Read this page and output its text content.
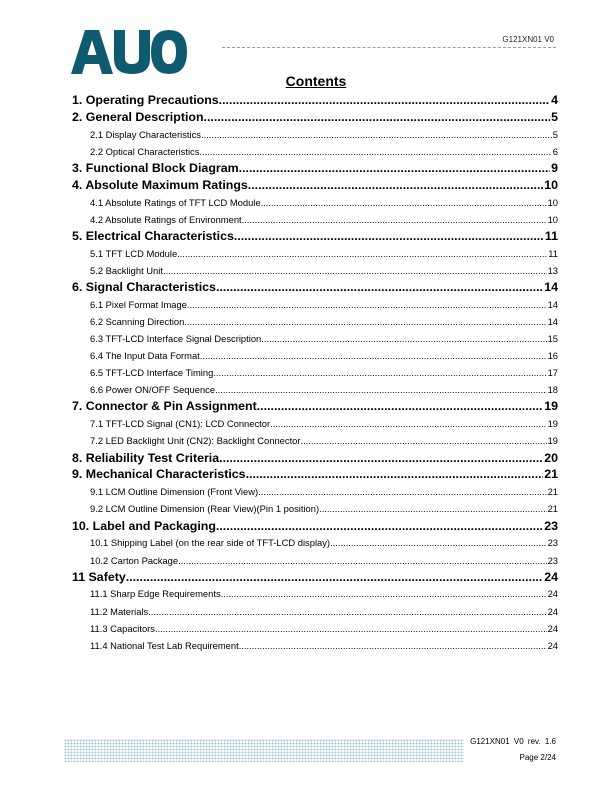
G121XN01 V0
Contents
1. Operating Precautions .....	4
2. General Description .....	5
2.1 Display Characteristics .....	5
2.2 Optical Characteristics .....	6
3. Functional Block Diagram .....	9
4. Absolute Maximum Ratings .....	10
4.1 Absolute Ratings of TFT LCD Module .....	10
4.2 Absolute Ratings of Environment .....	10
5. Electrical Characteristics .....	11
5.1 TFT LCD Module .....	11
5.2 Backlight Unit .....	13
6. Signal Characteristics .....	14
6.1 Pixel Format Image .....	14
6.2 Scanning Direction .....	14
6.3 TFT-LCD Interface Signal Description .....	15
6.4 The Input Data Format .....	16
6.5 TFT-LCD Interface Timing .....	17
6.6 Power ON/OFF Sequence .....	18
7. Connector & Pin Assignment .....	19
7.1 TFT-LCD Signal (CN1): LCD Connector .....	19
7.2 LED Backlight Unit (CN2): Backlight Connector .....	19
8. Reliability Test Criteria .....	20
9. Mechanical Characteristics .....	21
9.1 LCM Outline Dimension (Front View) .....	21
9.2 LCM Outline Dimension (Rear View)(Pin 1 position) .....	21
10. Label and Packaging .....	23
10.1 Shipping Label (on the rear side of TFT-LCD display) .....	23
10.2 Carton Package .....	23
11 Safety .....	24
11.1 Sharp Edge Requirements .....	24
11.2 Materials .....	24
11.3 Capacitors .....	24
11.4 National Test Lab Requirement .....	24
G121XN01 V0 rev. 1.6
Page 2/24
